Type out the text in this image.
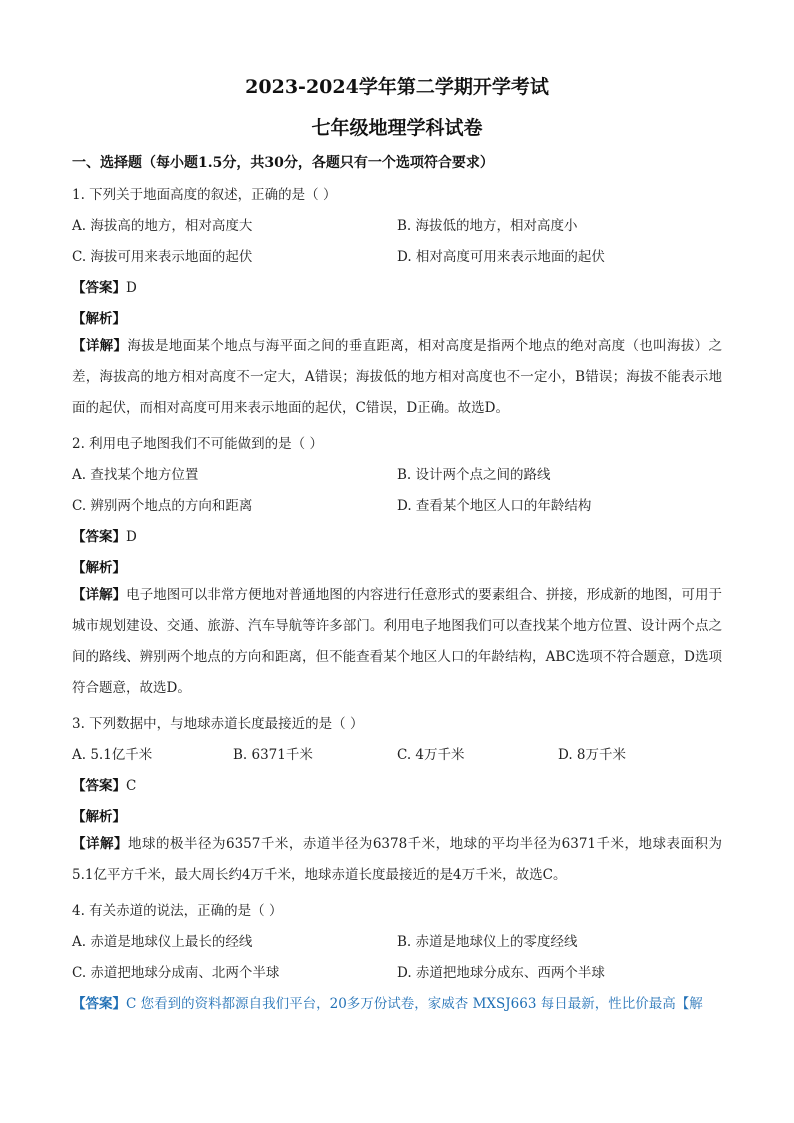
2023-2024学年第二学期开学考试
七年级地理学科试卷
一、选择题（每小题1.5分，共30分，各题只有一个选项符合要求）
1. 下列关于地面高度的叙述，正确的是（ ）
A. 海拔高的地方，相对高度大	B. 海拔低的地方，相对高度小
C. 海拔可用来表示地面的起伏	D. 相对高度可用来表示地面的起伏
【答案】D
【解析】
【详解】海拔是地面某个地点与海平面之间的垂直距离，相对高度是指两个地点的绝对高度（也叫海拔）之差，海拔高的地方相对高度不一定大，A错误；海拔低的地方相对高度也不一定小，B错误；海拔不能表示地面的起伏，而相对高度可用来表示地面的起伏，C错误，D正确。故选D。
2. 利用电子地图我们不可能做到的是（ ）
A. 查找某个地方位置	B. 设计两个点之间的路线
C. 辨别两个地点的方向和距离	D. 查看某个地区人口的年龄结构
【答案】D
【解析】
【详解】电子地图可以非常方便地对普通地图的内容进行任意形式的要素组合、拼接，形成新的地图，可用于城市规划建设、交通、旅游、汽车导航等许多部门。利用电子地图我们可以查找某个地方位置、设计两个点之间的路线、辨别两个地点的方向和距离，但不能查看某个地区人口的年龄结构，ABC选项不符合题意，D选项符合题意，故选D。
3. 下列数据中，与地球赤道长度最接近的是（ ）
A. 5.1亿千米	B. 6371千米	C. 4万千米	D. 8万千米
【答案】C
【解析】
【详解】地球的极半径为6357千米，赤道半径为6378千米，地球的平均半径为6371千米，地球表面积为5.1亿平方千米，最大周长约4万千米，地球赤道长度最接近的是4万千米，故选C。
4. 有关赤道的说法，正确的是（ ）
A. 赤道是地球仪上最长的经线	B. 赤道是地球仪上的零度经线
C. 赤道把地球分成南、北两个半球	D. 赤道把地球分成东、西两个半球
【答案】C 您看到的资料都源自我们平台，20多万份试卷，家威杏 MXSJ663 每日最新，性比价最高【解
